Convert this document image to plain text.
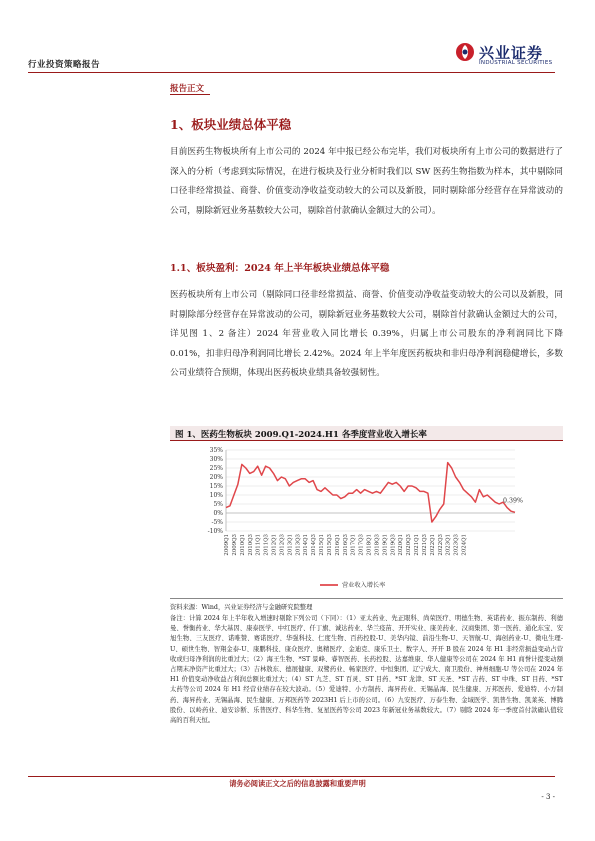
行业投资策略报告
兴业证券
INDUSTRIAL SECURITIES
报告正文
1、板块业绩总体平稳
目前医药生物板块所有上市公司的 2024 年中报已经公布完毕，我们对板块所有上市公司的数据进行了深入的分析（考虑到实际情况，在进行板块及行业分析时我们以 SW 医药生物指数为样本，其中剔除同口径非经常损益、商誉、价值变动净收益变动较大的公司以及新股，同时剔除部分经营存在异常波动的公司，剔除新冠业务基数较大公司，剔除首付款确认金额过大的公司）。
1.1、板块盈利：2024 年上半年板块业绩总体平稳
医药板块所有上市公司（剔除同口径非经常损益、商誉、价值变动净收益变动较大的公司以及新股，同时剔除部分经营存在异常波动的公司，剔除新冠业务基数较大公司，剔除首付款确认金额过大的公司，详见图 1、2 备注）2024 年营业收入同比增长 0.39%，归属上市公司股东的净利润同比下降 0.01%，扣非归母净利润同比增长 2.42%。2024 年上半年度医药板块和非归母净利润稳健增长，多数公司业绩符合预期，体现出医药板块业绩具备较强韧性。
图 1、医药生物板块 2009.Q1-2024.H1 各季度营业收入增长率
-10%
-5%
0%
5%
10%
15%
20%
25%
30%
35%
2009Q1 2009Q3 2010Q1 2010Q3 2011Q1 2011Q3 2012Q1 2012Q3 2013Q1 2013Q3 2014Q1 2014Q3 2015Q1 2015Q3 2016Q1 2016Q3 2017Q1 2017Q3 2018Q1 2018Q3 2019Q1 2019Q3 2020Q1 2020Q3 2021Q1 2021Q3 2022Q1 2022Q3 2023Q1 2023Q3 2024Q1
0.39%
营业收入增长率
资料来源：Wind，兴业证券经济与金融研究院整理
备注：计算 2024 年上半年收入增速时剔除下列公司（下同）：（1）亚太药业、先正眼科、尚荣医疗、明德生物、英诺药业、振东制药、利德曼、誉衡药业、华大基因、康泰医学、中红医疗、仟丁旗、诚达药业、华兰疫苗、开开实业、康美药业、汉商集团、第一医药、通化东宝、安旭生物、三友医疗、诺唯赞、赛诺医疗、华强科技、仁度生物、百药控股-U、美华内镜、前沿生物-U、天智航-U、海创药业-U、微电生理-U、硕世生物、智翔金泰-U、康鹏科技、康众医疗、奥精医疗、金迪克、康乐卫士、数字人、开开 B 股在 2024 年 H1 非经常损益变动占营收或归母净利润的比重过大；（2）海王生物、*ST 景峰、睿智医药、长药控股、达嘉维康、华人健康等公司在 2024 年 H1 商誉计提变动额占期末净资产比重过大；（3）吉林敖东、德展健康、双鹭药业、畅家医疗、中恒集团、辽宁成大、南卫股份、神州细胞-U 等公司在 2024 年 H1 价值变动净收益占利润总额比重过大；（4）ST 九芝、ST 百灵、ST 目药、*ST 龙津、ST 天圣、*ST 吉药、ST 中珠、ST 目药、*ST 太药等公司 2024 年 H1 经营业绩存在较大波动。（5）爱迪特、小方制药、海昇药业、无锡晶海、民生健康、万邦医药、爱迪特、小方制药、海昇药业、无锡晶海、民生健康、万邦医药等 2023H1 后上市的公司。（6）九安医疗、万泰生物、金域医学、凯普生物、凯莱英、博腾股份、以岭药业、迪安诊断、乐普医疗、科华生物、复星医药等公司 2023 年新冠业务基数较大。（7）剔除 2024 年一季度首付款确认值较高的百利天恒。
请务必阅读正文之后的信息披露和重要声明
- 3 -
